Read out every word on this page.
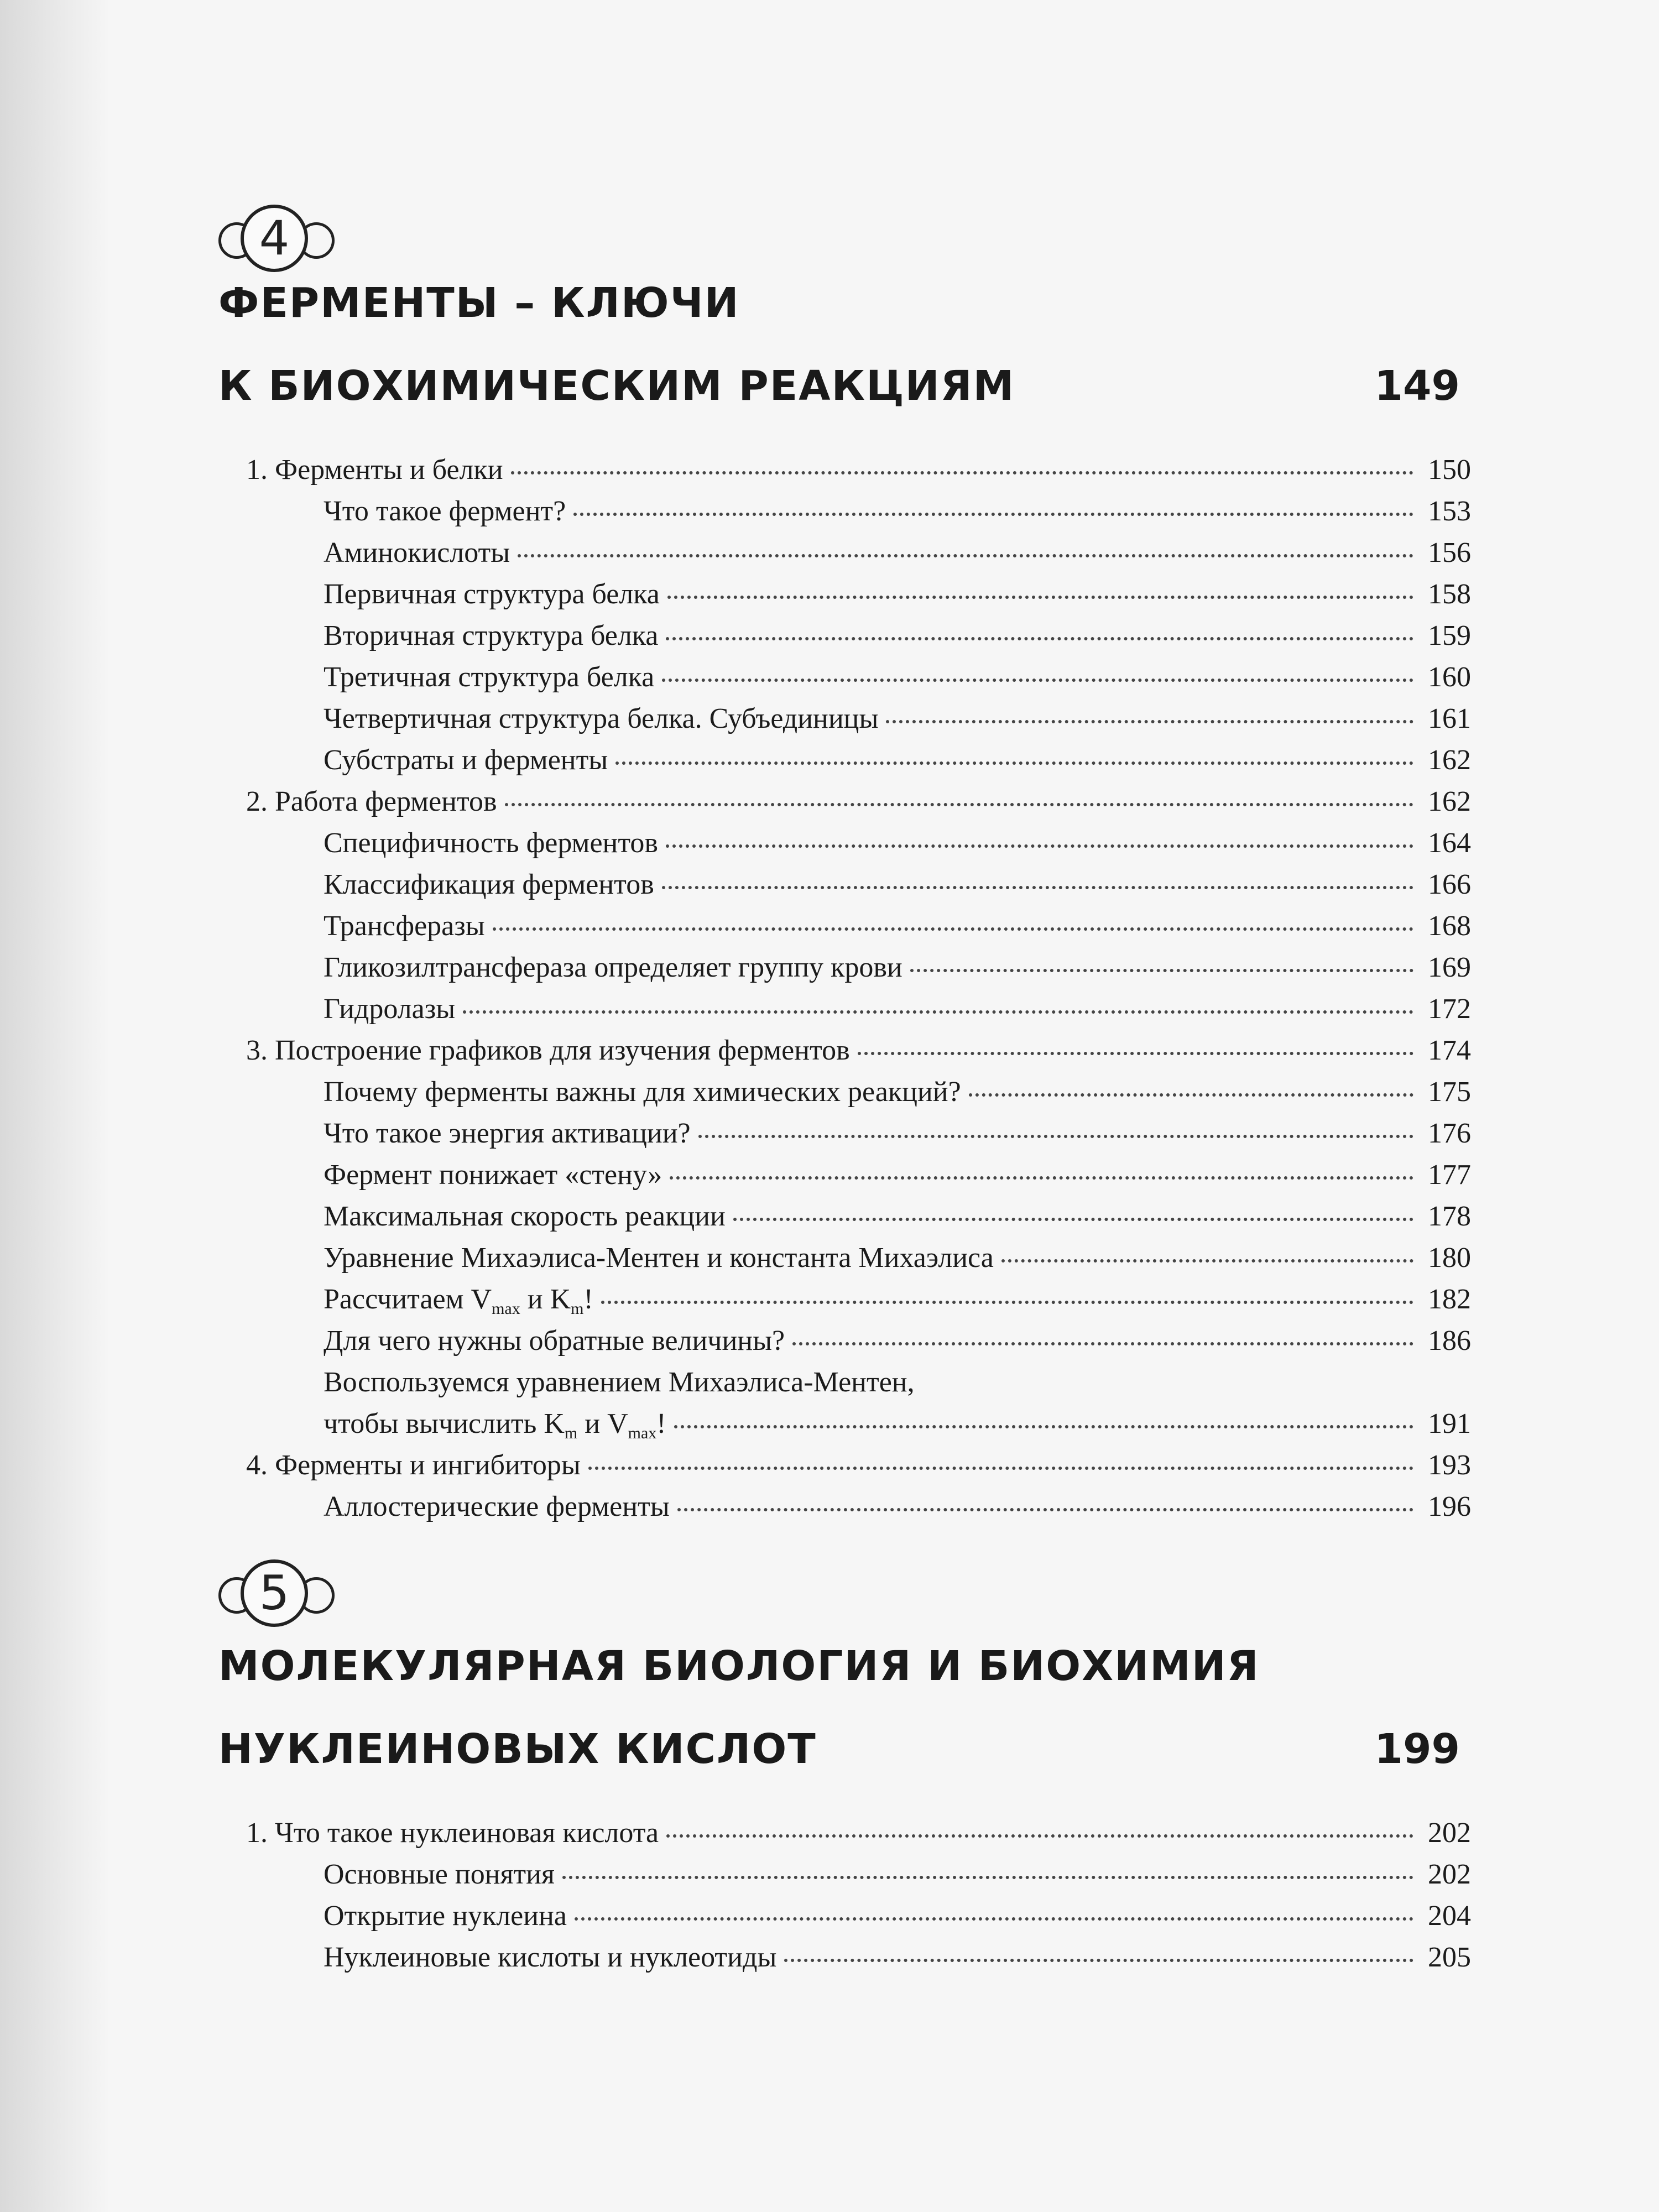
4
ФЕРМЕНТЫ – КЛЮЧИ
К БИОХИМИЧЕСКИМ РЕАКЦИЯМ	149
1. Ферменты и белки	150
Что такое фермент?	153
Аминокислоты	156
Первичная структура белка	158
Вторичная структура белка	159
Третичная структура белка	160
Четвертичная структура белка. Субъединицы	161
Субстраты и ферменты	162
2. Работа ферментов	162
Специфичность ферментов	164
Классификация ферментов	166
Трансферазы	168
Гликозилтрансфераза определяет группу крови	169
Гидролазы	172
3. Построение графиков для изучения ферментов	174
Почему ферменты важны для химических реакций?	175
Что такое энергия активации?	176
Фермент понижает «стену»	177
Максимальная скорость реакции	178
Уравнение Михаэлиса-Ментен и константа Михаэлиса	180
Рассчитаем $V_{max}$ и $K_m$!	182
Для чего нужны обратные величины?	186
Воспользуемся уравнением Михаэлиса-Ментен,
чтобы вычислить $K_m$ и $V_{max}$!	191
4. Ферменты и ингибиторы	193
Аллостерические ферменты	196
5
МОЛЕКУЛЯРНАЯ БИОЛОГИЯ И БИОХИМИЯ
НУКЛЕИНОВЫХ КИСЛОТ	199
1. Что такое нуклеиновая кислота	202
Основные понятия	202
Открытие нуклеина	204
Нуклеиновые кислоты и нуклеотиды	205
